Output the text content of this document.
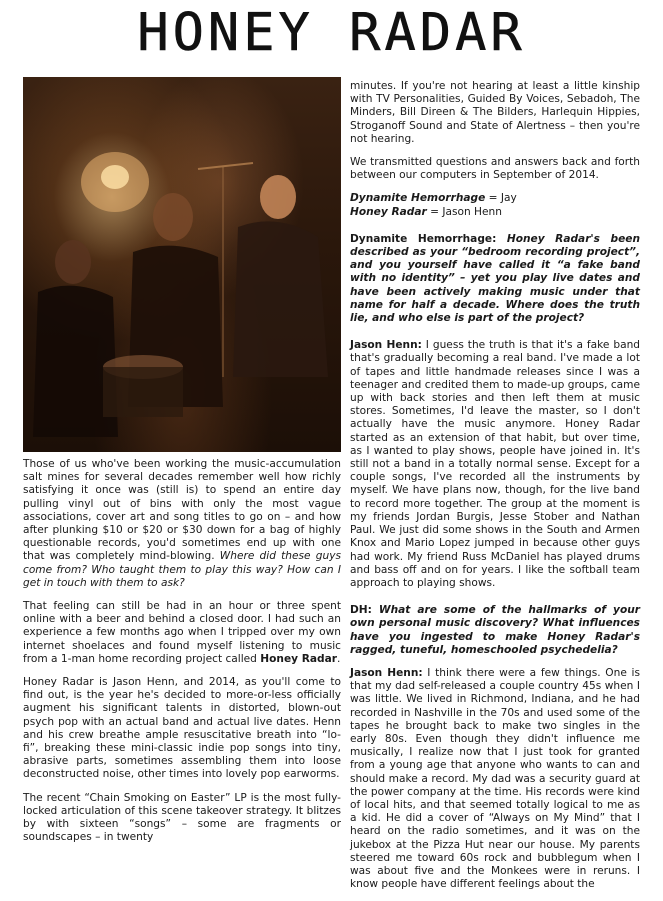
HONEY RADAR

Those of us who've been working the music-accumulation salt mines for several decades remember well how richly satisfying it once was (still is) to spend an entire day pulling vinyl out of bins with only the most vague associations, cover art and song titles to go on – and how after plunking $10 or $20 or $30 down for a bag of highly questionable records, you'd sometimes end up with one that was completely mind-blowing. Where did these guys come from? Who taught them to play this way? How can I get in touch with them to ask?

That feeling can still be had in an hour or three spent online with a beer and behind a closed door. I had such an experience a few months ago when I tripped over my own internet shoelaces and found myself listening to music from a 1-man home recording project called Honey Radar.

Honey Radar is Jason Henn, and 2014, as you'll come to find out, is the year he's decided to more-or-less officially augment his significant talents in distorted, blown-out psych pop with an actual band and actual live dates. Henn and his crew breathe ample resuscitative breath into “lo-fi”, breaking these mini-classic indie pop songs into tiny, abrasive parts, sometimes assembling them into loose deconstructed noise, other times into lovely pop earworms.

The recent “Chain Smoking on Easter” LP is the most fully-locked articulation of this scene takeover strategy. It blitzes by with sixteen “songs” – some are fragments or soundscapes – in twenty

minutes. If you're not hearing at least a little kinship with TV Personalities, Guided By Voices, Sebadoh, The Minders, Bill Direen & The Bilders, Harlequin Hippies, Stroganoff Sound and State of Alertness – then you're not hearing.

We transmitted questions and answers back and forth between our computers in September of 2014.

Dynamite Hemorrhage = Jay
Honey Radar = Jason Henn

Dynamite Hemorrhage: Honey Radar's been described as your “bedroom recording project”, and you yourself have called it “a fake band with no identity” – yet you play live dates and have been actively making music under that name for half a decade. Where does the truth lie, and who else is part of the project?

Jason Henn: I guess the truth is that it's a fake band that's gradually becoming a real band. I've made a lot of tapes and little handmade releases since I was a teenager and credited them to made-up groups, came up with back stories and then left them at music stores. Sometimes, I'd leave the master, so I don't actually have the music anymore. Honey Radar started as an extension of that habit, but over time, as I wanted to play shows, people have joined in. It's still not a band in a totally normal sense. Except for a couple songs, I've recorded all the instruments by myself. We have plans now, though, for the live band to record more together. The group at the moment is my friends Jordan Burgis, Jesse Stober and Nathan Paul. We just did some shows in the South and Armen Knox and Mario Lopez jumped in because other guys had work. My friend Russ McDaniel has played drums and bass off and on for years. I like the softball team approach to playing shows.

DH: What are some of the hallmarks of your own personal music discovery? What influences have you ingested to make Honey Radar's ragged, tuneful, homeschooled psychedelia?

Jason Henn: I think there were a few things. One is that my dad self-released a couple country 45s when I was little. We lived in Richmond, Indiana, and he had recorded in Nashville in the 70s and used some of the tapes he brought back to make two singles in the early 80s. Even though they didn't influence me musically, I realize now that I just took for granted from a young age that anyone who wants to can and should make a record. My dad was a security guard at the power company at the time. His records were kind of local hits, and that seemed totally logical to me as a kid. He did a cover of “Always on My Mind” that I heard on the radio sometimes, and it was on the jukebox at the Pizza Hut near our house. My parents steered me toward 60s rock and bubblegum when I was about five and the Monkees were in reruns. I know people have different feelings about the
